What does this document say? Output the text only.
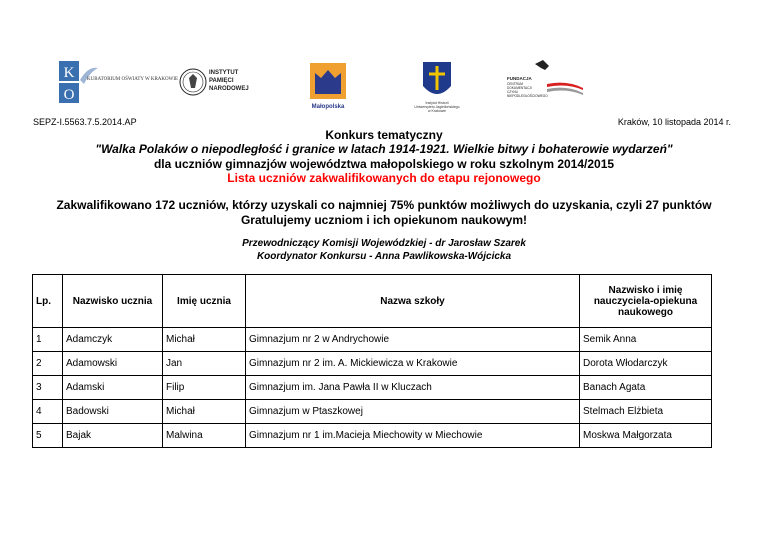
K
O
KURATORIUM OŚWIATY W KRAKOWIE
INSTYTUT
PAMIĘCI
NARODOWEJ
Małopolska
Instytut Historii
Uniwersytetu Jagiellońskiego
w Krakowie
FUNDACJA
CENTRUM
DOKUMENTACJI
CZYNU
NIEPODLEGŁOŚCIOWEGO
SEPZ-I.5563.7.5.2014.AP	Kraków, 10 listopada 2014 r.
Konkurs tematyczny
"Walka Polaków o niepodległość i granice w latach 1914-1921. Wielkie bitwy i bohaterowie wydarzeń"
dla uczniów gimnazjów województwa małopolskiego w roku szkolnym 2014/2015
Lista uczniów zakwalifikowanych do etapu rejonowego
Zakwalifikowano 172 uczniów, którzy uzyskali co najmniej 75% punktów możliwych do uzyskania, czyli 27 punktów
Gratulujemy uczniom i ich opiekunom naukowym!
Przewodniczący Komisji Wojewódzkiej - dr Jarosław Szarek
Koordynator Konkursu - Anna Pawlikowska-Wójcicka
Lp.	Nazwisko ucznia	Imię ucznia	Nazwa szkoły	Nazwisko i imię nauczyciela-opiekuna naukowego
1	Adamczyk	Michał	Gimnazjum nr 2 w Andrychowie	Semik Anna
2	Adamowski	Jan	Gimnazjum nr 2 im. A. Mickiewicza w Krakowie	Dorota Włodarczyk
3	Adamski	Filip	Gimnazjum im. Jana Pawła II w Kluczach	Banach Agata
4	Badowski	Michał	Gimnazjum w Ptaszkowej	Stelmach Elżbieta
5	Bajak	Malwina	Gimnazjum nr 1 im.Macieja Miechowity w Miechowie	Moskwa Małgorzata
